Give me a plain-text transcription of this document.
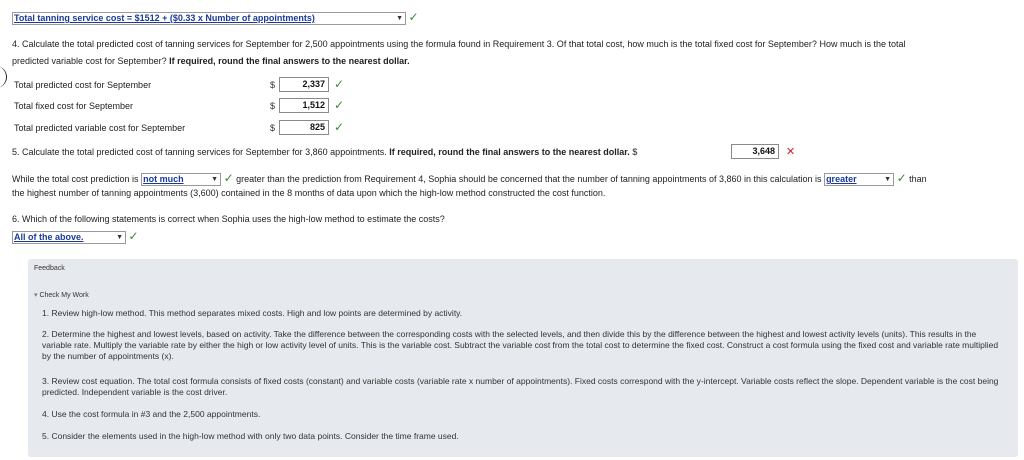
Total tanning service cost = $1512 + ($0.33 x Number of appointments)	▼ ✓
4. Calculate the total predicted cost of tanning services for September for 2,500 appointments using the formula found in Requirement 3. Of that total cost, how much is the total fixed cost for September? How much is the total
predicted variable cost for September? If required, round the final answers to the nearest dollar.
Total predicted cost for September	$	2,337 ✓
Total fixed cost for September	$	1,512 ✓
Total predicted variable cost for September	$	825 ✓
5. Calculate the total predicted cost of tanning services for September for 3,860 appointments. If required, round the final answers to the nearest dollar. $	3,648	✕
While the total cost prediction is not much	▼ ✓ greater than the prediction from Requirement 4, Sophia should be concerned that the number of tanning appointments of 3,860 in this calculation is greater	▼ ✓ than
the highest number of tanning appointments (3,600) contained in the 8 months of data upon which the high-low method constructed the cost function.
6. Which of the following statements is correct when Sophia uses the high-low method to estimate the costs?
All of the above.	▼ ✓
Feedback
▾ Check My Work
1. Review high-low method. This method separates mixed costs. High and low points are determined by activity.
2. Determine the highest and lowest levels, based on activity. Take the difference between the corresponding costs with the selected levels, and then divide this by the difference between the highest and lowest activity levels (units). This results in the variable rate. Multiply the variable rate by either the high or low activity level of units. This is the variable cost. Subtract the variable cost from the total cost to determine the fixed cost. Construct a cost formula using the fixed cost and variable rate multiplied by the number of appointments (x).
3. Review cost equation. The total cost formula consists of fixed costs (constant) and variable costs (variable rate x number of appointments). Fixed costs correspond with the y-intercept. Variable costs reflect the slope. Dependent variable is the cost being predicted. Independent variable is the cost driver.
4. Use the cost formula in #3 and the 2,500 appointments.
5. Consider the elements used in the high-low method with only two data points. Consider the time frame used.
